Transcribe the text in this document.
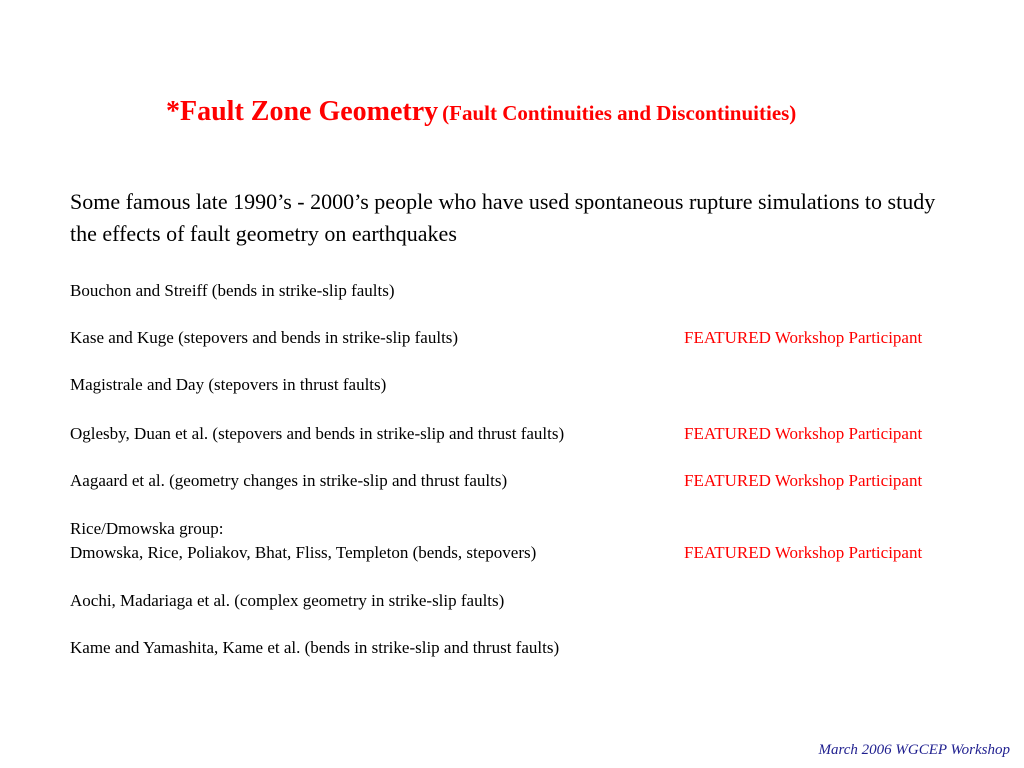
*Fault Zone Geometry (Fault Continuities and Discontinuities)
Some famous late 1990’s - 2000’s people who have used spontaneous rupture simulations to study the effects of fault geometry on earthquakes
Bouchon and Streiff (bends in strike-slip faults)
Kase and Kuge (stepovers and bends in strike-slip faults)	FEATURED Workshop Participant
Magistrale and Day (stepovers in thrust faults)
Oglesby, Duan et al. (stepovers and bends in strike-slip and thrust faults)	FEATURED Workshop Participant
Aagaard et al. (geometry changes in strike-slip and thrust faults)	FEATURED Workshop Participant
Rice/Dmowska group:
Dmowska, Rice, Poliakov, Bhat, Fliss, Templeton (bends, stepovers)	FEATURED Workshop Participant
Aochi, Madariaga et al. (complex geometry in strike-slip faults)
Kame and Yamashita, Kame et al. (bends in strike-slip and thrust faults)
March 2006 WGCEP Workshop
